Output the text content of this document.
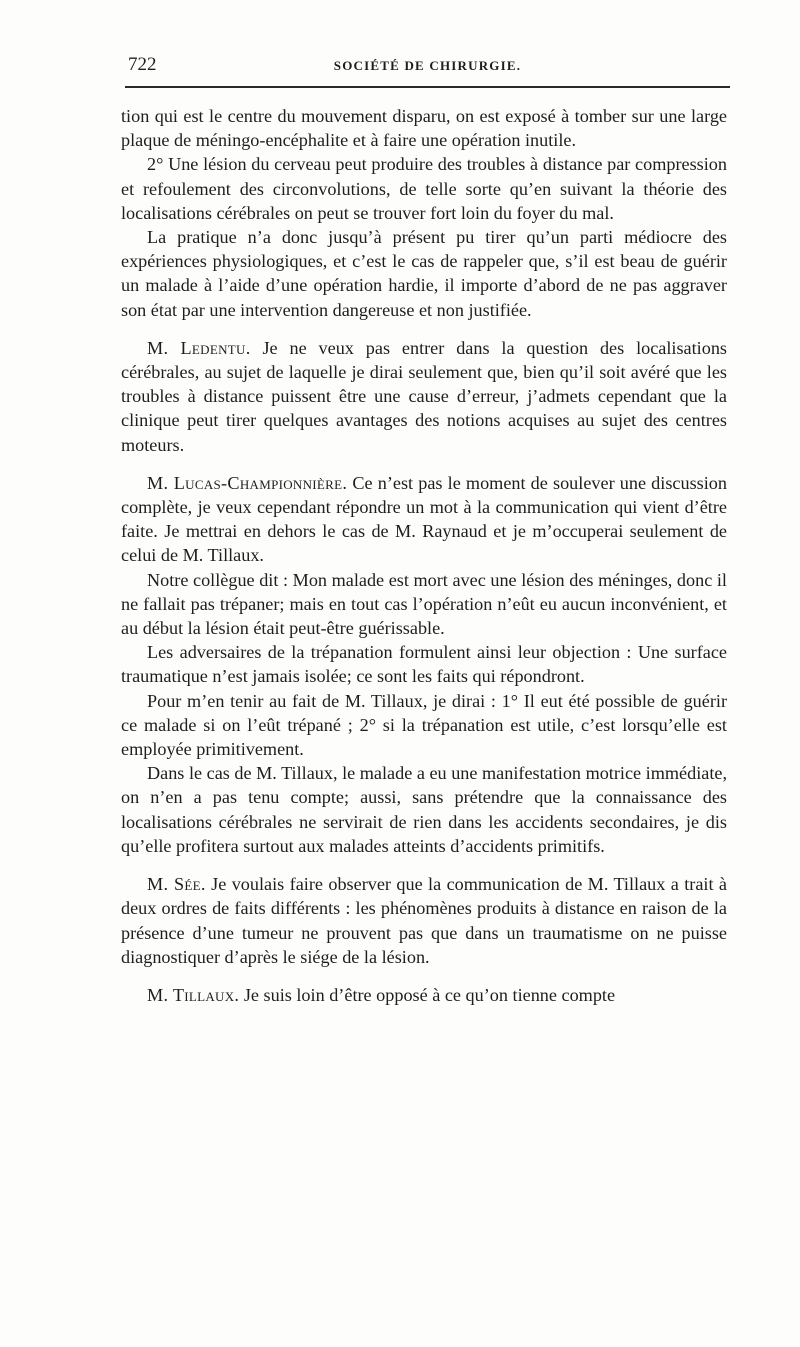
722	SOCIÉTÉ DE CHIRURGIE.

tion qui est le centre du mouvement disparu, on est exposé à tomber sur une large plaque de méningo-encéphalite et à faire une opération inutile.

2° Une lésion du cerveau peut produire des troubles à distance par compression et refoulement des circonvolutions, de telle sorte qu’en suivant la théorie des localisations cérébrales on peut se trouver fort loin du foyer du mal.

La pratique n’a donc jusqu’à présent pu tirer qu’un parti médiocre des expériences physiologiques, et c’est le cas de rappeler que, s’il est beau de guérir un malade à l’aide d’une opération hardie, il importe d’abord de ne pas aggraver son état par une intervention dangereuse et non justifiée.

M. Ledentu. Je ne veux pas entrer dans la question des localisations cérébrales, au sujet de laquelle je dirai seulement que, bien qu’il soit avéré que les troubles à distance puissent être une cause d’erreur, j’admets cependant que la clinique peut tirer quelques avantages des notions acquises au sujet des centres moteurs.

M. Lucas-Championnière. Ce n’est pas le moment de soulever une discussion complète, je veux cependant répondre un mot à la communication qui vient d’être faite. Je mettrai en dehors le cas de M. Raynaud et je m’occuperai seulement de celui de M. Tillaux.

Notre collègue dit : Mon malade est mort avec une lésion des méninges, donc il ne fallait pas trépaner; mais en tout cas l’opération n’eût eu aucun inconvénient, et au début la lésion était peut-être guérissable.

Les adversaires de la trépanation formulent ainsi leur objection : Une surface traumatique n’est jamais isolée; ce sont les faits qui répondront.

Pour m’en tenir au fait de M. Tillaux, je dirai : 1° Il eut été possible de guérir ce malade si on l’eût trépané ; 2° si la trépanation est utile, c’est lorsqu’elle est employée primitivement.

Dans le cas de M. Tillaux, le malade a eu une manifestation motrice immédiate, on n’en a pas tenu compte; aussi, sans prétendre que la connaissance des localisations cérébrales ne servirait de rien dans les accidents secondaires, je dis qu’elle profitera surtout aux malades atteints d’accidents primitifs.

M. Sée. Je voulais faire observer que la communication de M. Tillaux a trait à deux ordres de faits différents : les phénomènes produits à distance en raison de la présence d’une tumeur ne prouvent pas que dans un traumatisme on ne puisse diagnostiquer d’après le siége de la lésion.

M. Tillaux. Je suis loin d’être opposé à ce qu’on tienne compte
